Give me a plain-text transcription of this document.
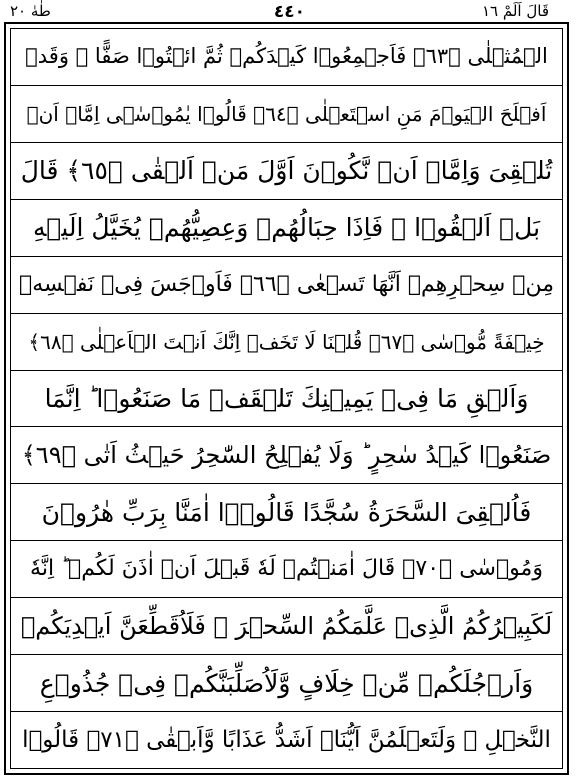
قَالَ اَلَمْ ١٦
٤٤٠
طٰهٰ ٢٠
الۡمُثۡلٰی ﴿٦٣﴾ فَاَجۡمِعُوۡا كَيۡدَكُمۡ ثُمَّ ائۡتُوۡا صَفًّا ۚ وَقَدۡ
اَفۡلَحَ الۡيَوۡمَ مَنِ اسۡتَعۡلٰی ﴿٦٤﴾ قَالُوۡا يٰمُوۡسٰۤی اِمَّاۤ اَنۡ
تُلۡقِیَ وَاِمَّاۤ اَنۡ نَّكُوۡنَ اَوَّلَ مَنۡ اَلۡقٰی ﴿٦٥﴾ قَالَ
بَلۡ اَلۡقُوۡا ۚ فَاِذَا حِبَالُهُمۡ وَعِصِيُّهُمۡ يُخَيَّلُ اِلَيۡهِ
مِنۡ سِحۡرِهِمۡ اَنَّهَا تَسۡعٰی ﴿٦٦﴾ فَاَوۡجَسَ فِیۡ نَفۡسِهٖ
خِيۡفَةً مُّوۡسٰی ﴿٦٧﴾ قُلۡنَا لَا تَخَفۡ اِنَّكَ اَنۡتَ الۡاَعۡلٰی ﴿٦٨﴾
وَاَلۡقِ مَا فِیۡ يَمِيۡنِكَ تَلۡقَفۡ مَا صَنَعُوۡا ؕ اِنَّمَا
صَنَعُوۡا كَيۡدُ سٰحِرٍ ؕ وَلَا يُفۡلِحُ السّٰحِرُ حَيۡثُ اَتٰی ﴿٦٩﴾
فَاُلۡقِیَ السَّحَرَةُ سُجَّدًا قَالُوۡۤا اٰمَنَّا بِرَبِّ هٰرُوۡنَ
وَمُوۡسٰی ﴿٧٠﴾ قَالَ اٰمَنۡتُمۡ لَهٗ قَبۡلَ اَنۡ اٰذَنَ لَكُمۡ ؕ اِنَّهٗ
لَكَبِيۡرُكُمُ الَّذِیۡ عَلَّمَكُمُ السِّحۡرَ ۚ فَلَاُقَطِّعَنَّ اَيۡدِيَكُمۡ
وَاَرۡجُلَكُمۡ مِّنۡ خِلَافٍ وَّلَاُصَلِّبَنَّكُمۡ فِیۡ جُذُوۡعِ
النَّخۡلِ ۫ وَلَتَعۡلَمُنَّ اَيُّنَاۤ اَشَدُّ عَذَابًا وَّاَبۡقٰی ﴿٧١﴾ قَالُوۡا
